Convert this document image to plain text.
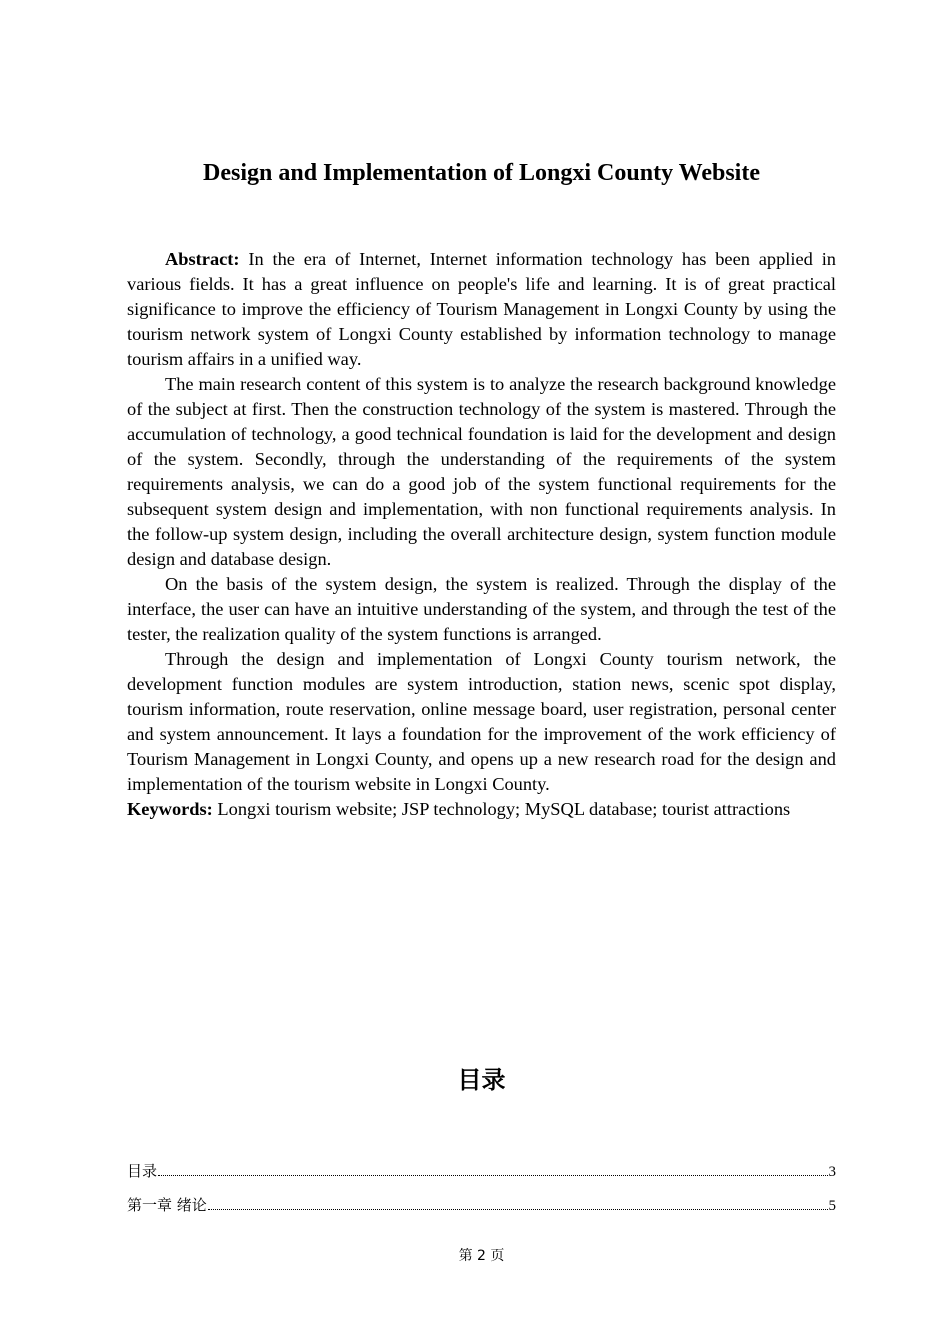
Design and Implementation of Longxi County Website

Abstract: In the era of Internet, Internet information technology has been applied in various fields. It has a great influence on people's life and learning. It is of great practical significance to improve the efficiency of Tourism Management in Longxi County by using the tourism network system of Longxi County established by information technology to manage tourism affairs in a unified way.

The main research content of this system is to analyze the research background knowledge of the subject at first. Then the construction technology of the system is mastered. Through the accumulation of technology, a good technical foundation is laid for the development and design of the system. Secondly, through the understanding of the requirements of the system requirements analysis, we can do a good job of the system functional requirements for the subsequent system design and implementation, with non functional requirements analysis. In the follow-up system design, including the overall architecture design, system function module design and database design.

On the basis of the system design, the system is realized. Through the display of the interface, the user can have an intuitive understanding of the system, and through the test of the tester, the realization quality of the system functions is arranged.

Through the design and implementation of Longxi County tourism network, the development function modules are system introduction, station news, scenic spot display, tourism information, route reservation, online message board, user registration, personal center and system announcement. It lays a foundation for the improvement of the work efficiency of Tourism Management in Longxi County, and opens up a new research road for the design and implementation of the tourism website in Longxi County.

Keywords: Longxi tourism website; JSP technology; MySQL database; tourist attractions

目录
目录	3
第一章 绪论	5
第 2 页
